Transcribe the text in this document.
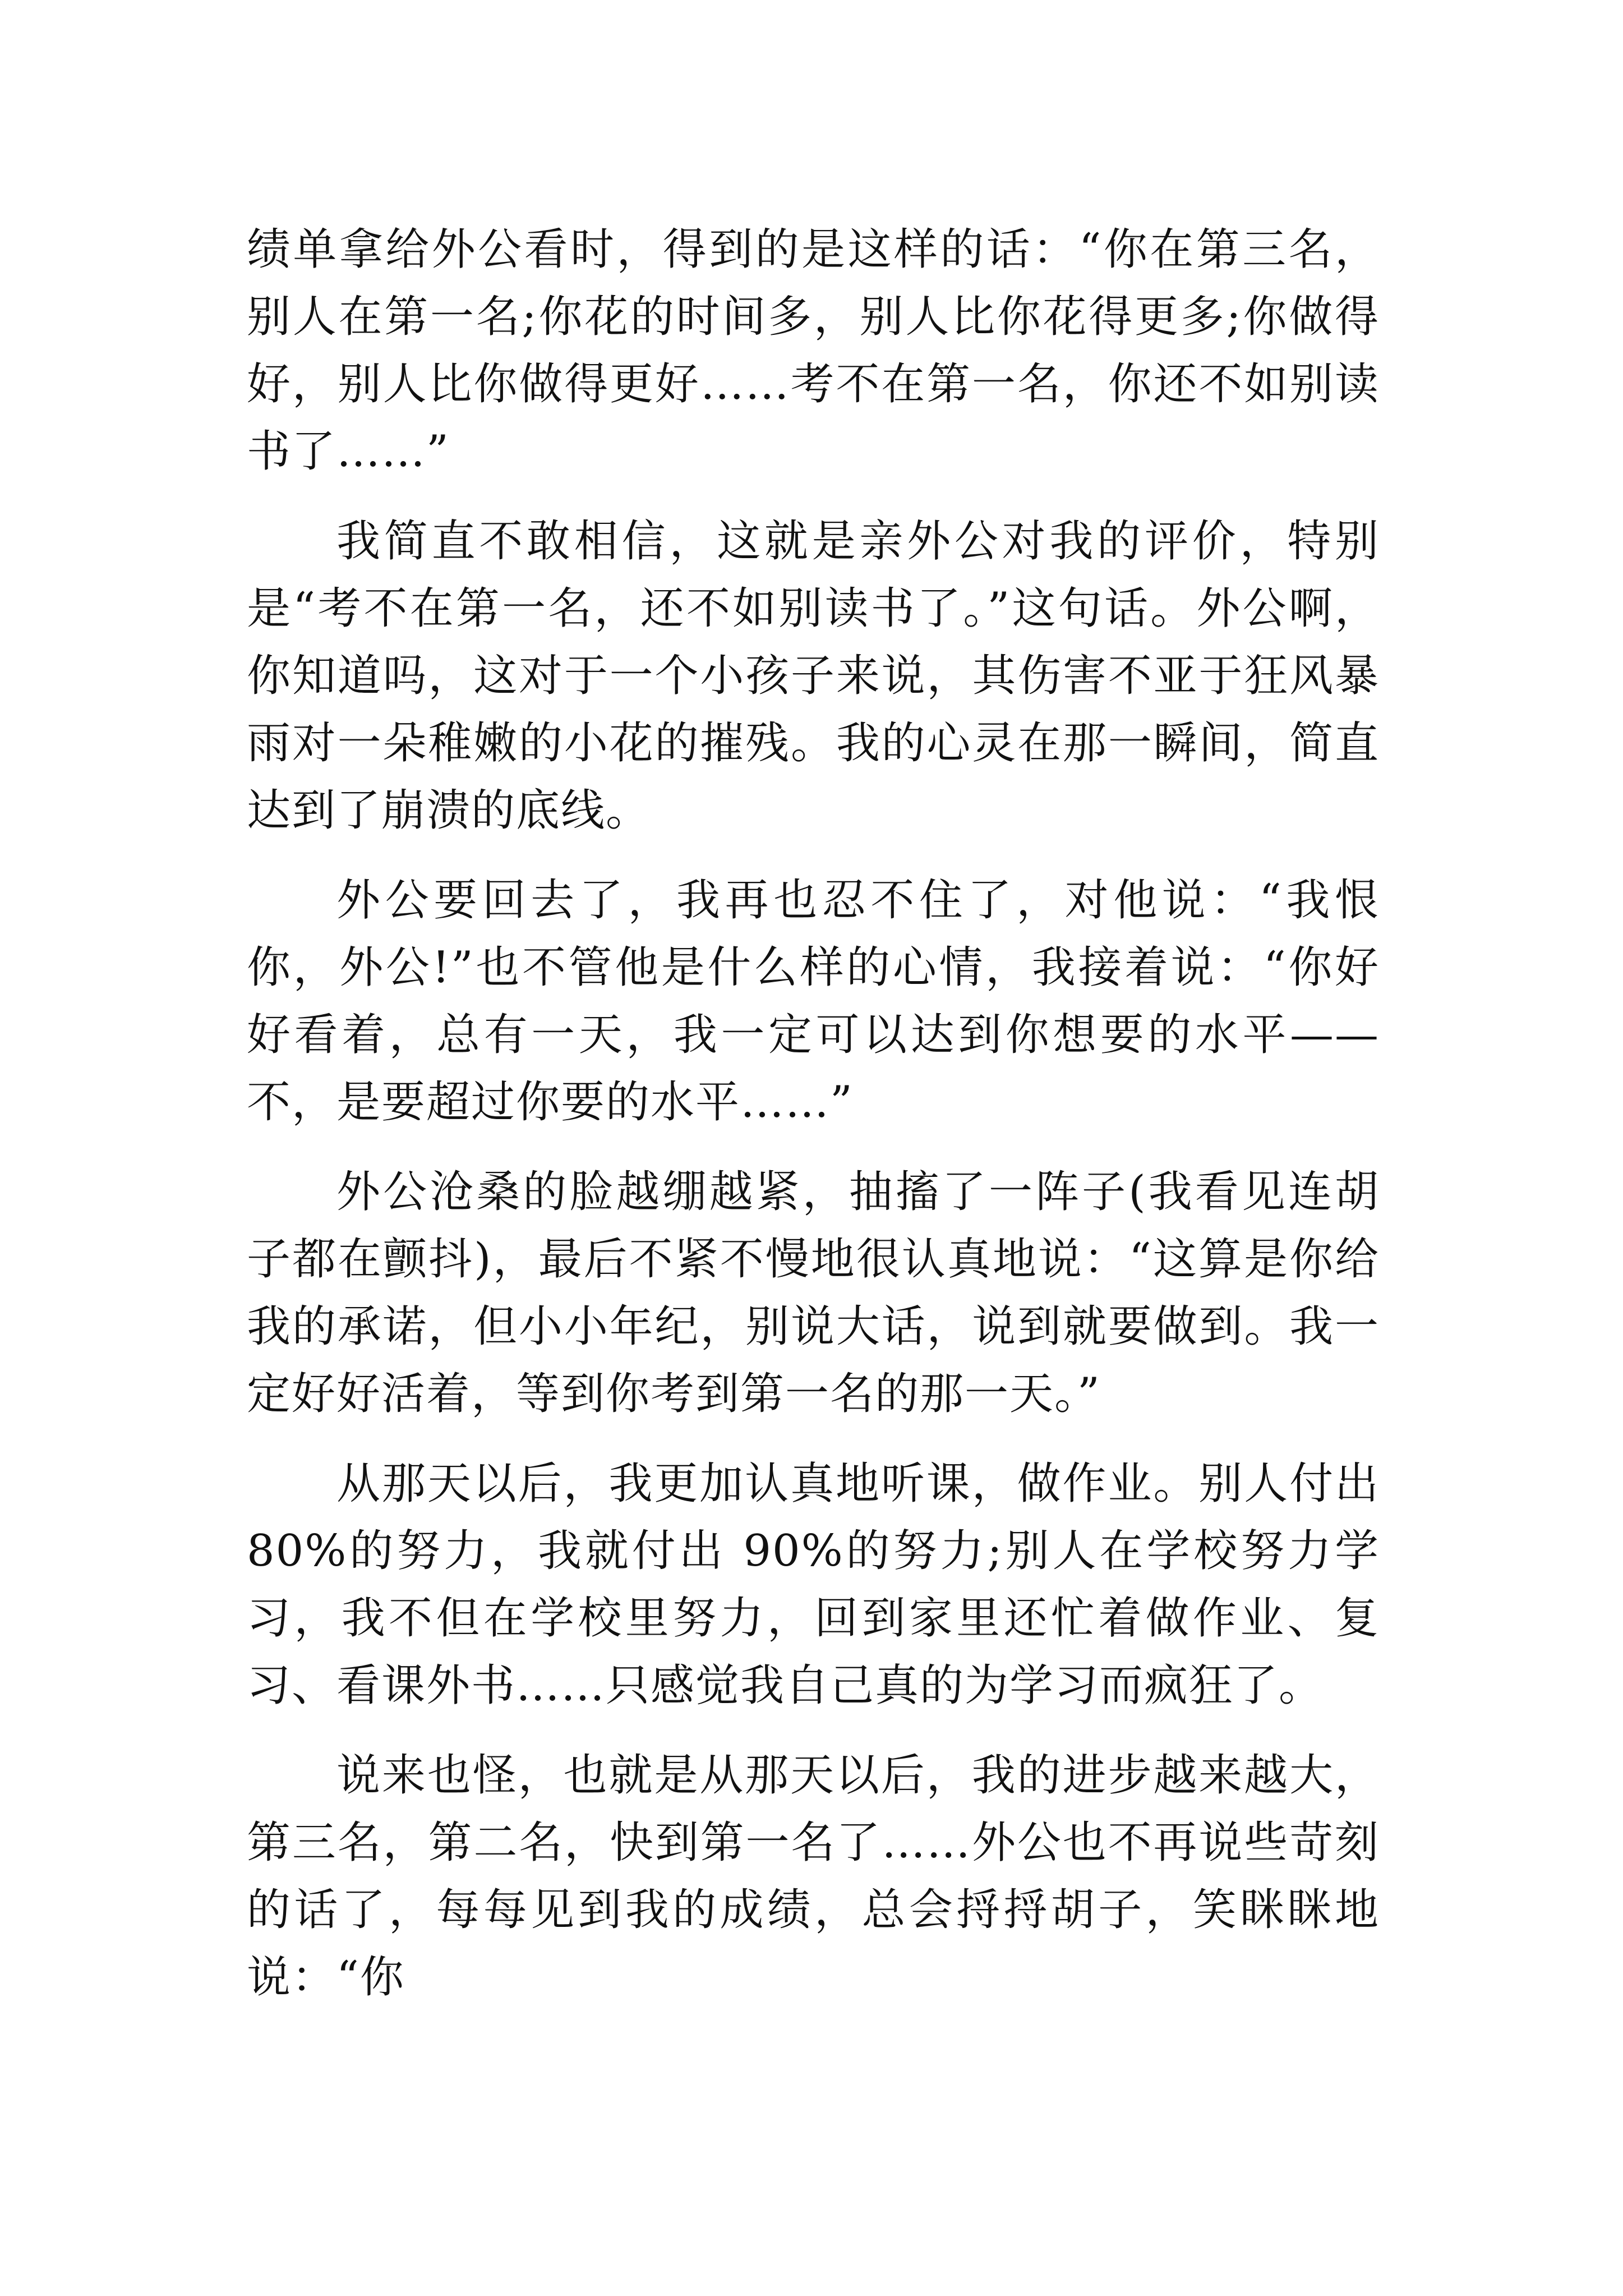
绩单拿给外公看时，得到的是这样的话：“你在第三名，别人在第一名;你花的时间多，别人比你花得更多;你做得好，别人比你做得更好……考不在第一名，你还不如别读书了……”

我简直不敢相信，这就是亲外公对我的评价，特别是“考不在第一名，还不如别读书了。”这句话。外公啊，你知道吗，这对于一个小孩子来说，其伤害不亚于狂风暴雨对一朵稚嫩的小花的摧残。我的心灵在那一瞬间，简直达到了崩溃的底线。

外公要回去了，我再也忍不住了，对他说：“我恨你，外公!”也不管他是什么样的心情，我接着说：“你好好看着，总有一天，我一定可以达到你想要的水平——不，是要超过你要的水平……”

外公沧桑的脸越绷越紧，抽搐了一阵子(我看见连胡子都在颤抖)，最后不紧不慢地很认真地说：“这算是你给我的承诺，但小小年纪，别说大话，说到就要做到。我一定好好活着，等到你考到第一名的那一天。”

从那天以后，我更加认真地听课，做作业。别人付出 80%的努力，我就付出 90%的努力;别人在学校努力学习，我不但在学校里努力，回到家里还忙着做作业、复习、看课外书……只感觉我自己真的为学习而疯狂了。

说来也怪，也就是从那天以后，我的进步越来越大，第三名，第二名，快到第一名了……外公也不再说些苛刻的话了，每每见到我的成绩，总会捋捋胡子，笑眯眯地说：“你
